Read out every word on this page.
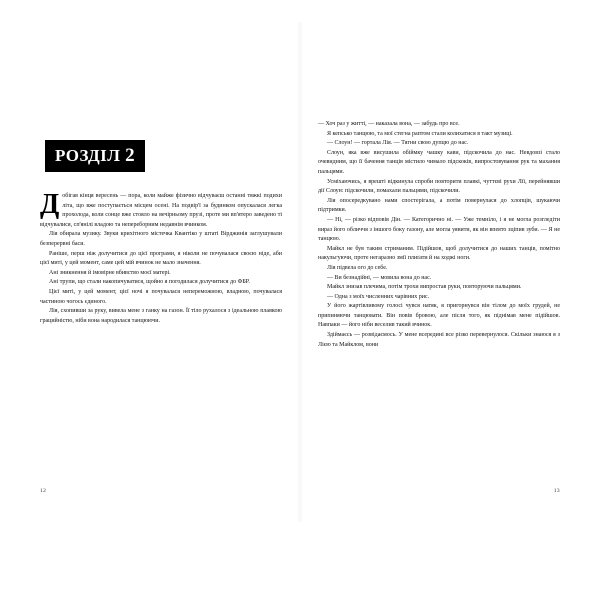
РОЗДІЛ 2

Добігав кінця вересень — пора, коли майже фізично відчуваєш останні тяжкі подихи літа, що вже поступається місцем осені. На подвір'ї за будинком опускалася легка прохолода, коли сонце вже стояло на вечірньому прузі, проте ми вп'ятеро заведено ті відчувалися, сп'янілі владою та непереборним недавнім вчинком.

Лія обирала музику. Звуки крихітного містечка Квантіко у штаті Вірджинія заглушували безперервні баси.

Раніше, перш ніж долучитися до цієї програми, я ніколи не почувалася своєю ніде, аби цієї миті, у цей момент, саме цей мій вчинок не мало значення.

Ані зникнення й імовірне вбивство моєї матері.

Ані трупи, що стали накопичуватися, щойно я погодилася долучитися до ФБР.

Цієї миті, у цей момент, цієї ночі я почувалася непереможною, владною, почувалася частиною чогось єдиного.

Лія, схопивши за руку, вивела мене з ганку на газон. Її тіло рухалося з ідеальною плавкою грацийністю, ніби вона народилася танцюючи.

12

— Хоч раз у житті, — наказала вона, — забудь про все.

Я кепсько танцюю, та мої стегна раптом стали колихатися в такт музиці.

— Слоун! — гортала Лія. — Тягни свою дупцю до нас.

Слоун, яка вже висушила обіймку чашку кави, підскочила до нас. Невдовзі стало очевидним, що її бачення танців містило чимало підскоків, випростовування рук та махання пальцями.

Усміхаючись, я врешті відкинула спроби повторити плавкі, чуттєві рухи Лії, перейнявши дії Слоун: підскочили, помахали пальцями, підскочили.

Лія опосередкувано нами спостерігала, а потім повернулася до хлопців, шукаючи підтримки.

— Ні, — різко відповів Дін. — Категорично ні. — Уже темніло, і я не могла розгледіти вираз його обличчя з іншого боку газону, але могла уявити, як він впевто зціпив зуби. — Я не танцюю.

Майкл не був таким стриманим. Підійшов, щоб долучитися до наших танців, помітно накульгуючи, проте негаразно змії плиґати й на ходжі ноги.

Лія підвела ого до себе.

— Ви безнадійні, — мовила вона до нас.

Майкл знизав плечима, потім трохи випростав руки, повторуючи пальцями.

— Одна з моїх численних чарівних рис.

У його жартівливому голосі чувся натяк, я пригорнувся він тілом до моїх грудей, не припиняючи танцювати. Він повів бровою, але після того, як піднімав мене підійшов. Навпаки — його ніби веселив такий вчинок.

Здіймаєсь — розвідаємось. У мене всередині все різко перевернулося. Скільки знаюся я з Лією та Майклом, вони

13
